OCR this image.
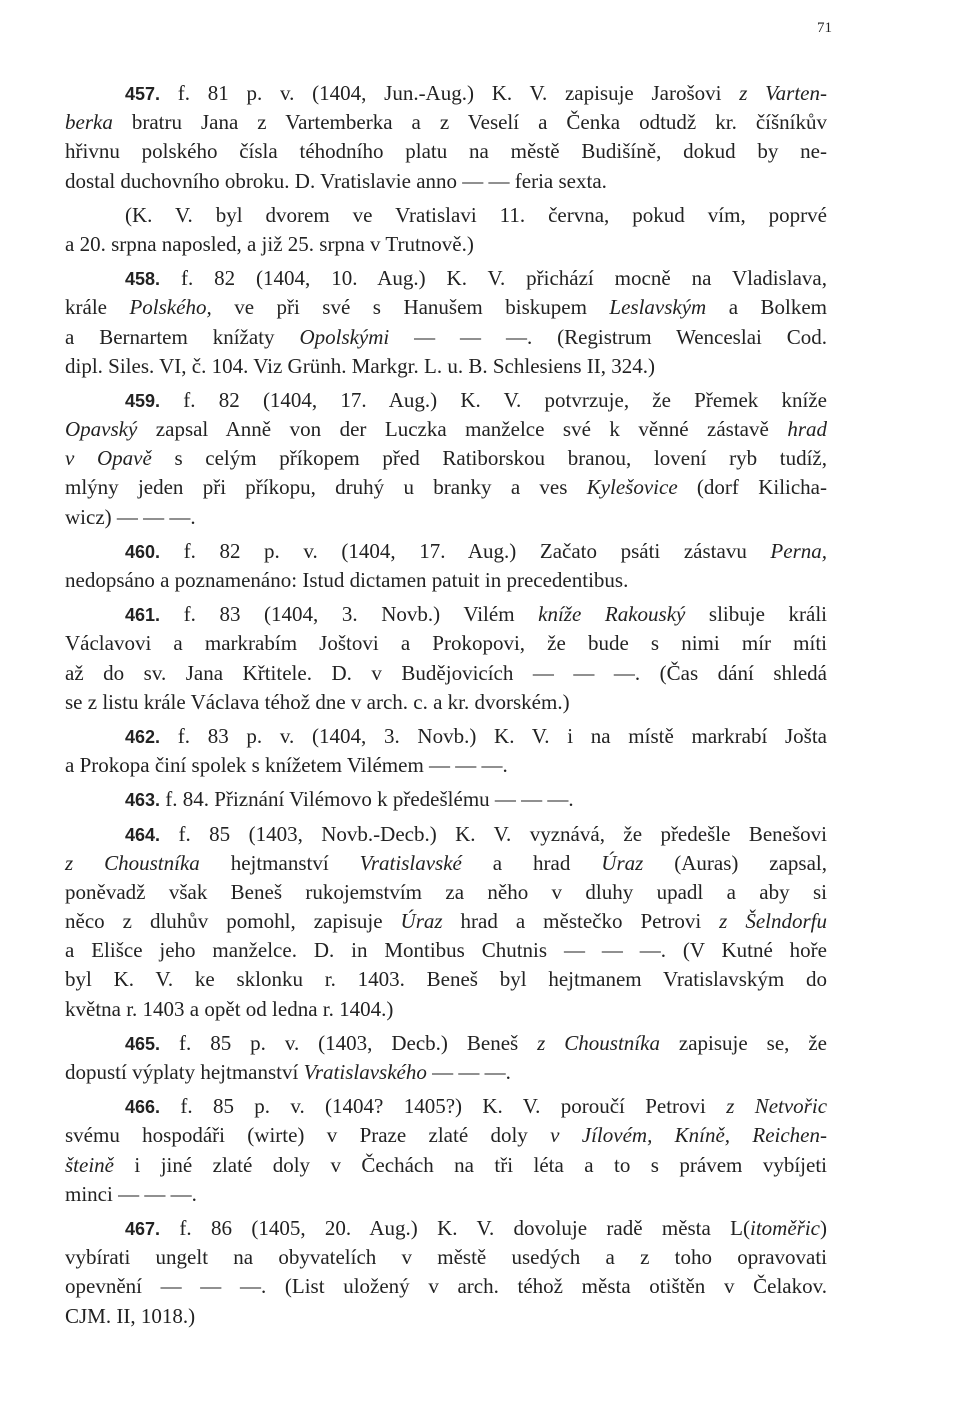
71
457. f. 81 p. v. (1404, Jun.-Aug.) K. V. zapisuje Jarošovi z Varten-
berka bratru Jana z Vartemberka a z Veselí a Čenka odtudž kr. číšníkův
hřivnu polského čísla téhodního platu na městě Budišíně, dokud by ne-
dostal duchovního obroku. D. Vratislavie anno — — feria sexta.
(K. V. byl dvorem ve Vratislavi 11. června, pokud vím, poprvé
a 20. srpna naposled, a již 25. srpna v Trutnově.)
458. f. 82 (1404, 10. Aug.) K. V. přichází mocně na Vladislava,
krále Polského, ve při své s Hanušem biskupem Leslavským a Bolkem
a Bernartem knížaty Opolskými — — —. (Registrum Wenceslai Cod.
dipl. Siles. VI, č. 104. Viz Grünh. Markgr. L. u. B. Schlesiens II, 324.)
459. f. 82 (1404, 17. Aug.) K. V. potvrzuje, že Přemek kníže
Opavský zapsal Anně von der Luczka manželce své k věnné zástavě hrad
v Opavě s celým příkopem před Ratiborskou branou, lovení ryb tudíž,
mlýny jeden při příkopu, druhý u branky a ves Kylešovice (dorf Kilicha-
wicz) — — —.
460. f. 82 p. v. (1404, 17. Aug.) Začato psáti zástavu Perna,
nedopsáno a poznamenáno: Istud dictamen patuit in precedentibus.
461. f. 83 (1404, 3. Novb.) Vilém kníže Rakouský slibuje králi
Václavovi a markrabím Joštovi a Prokopovi, že bude s nimi mír míti
až do sv. Jana Křtitele. D. v Budějovicích — — —. (Čas dání shledá
se z listu krále Václava téhož dne v arch. c. a kr. dvorském.)
462. f. 83 p. v. (1404, 3. Novb.) K. V. i na místě markrabí Jošta
a Prokopa činí spolek s knížetem Vilémem — — —.
463. f. 84. Přiznání Vilémovo k předešlému — — —.
464. f. 85 (1403, Novb.-Decb.) K. V. vyznává, že předešle Benešovi
z Choustníka hejtmanství Vratislavské a hrad Úraz (Auras) zapsal,
poněvadž však Beneš rukojemstvím za něho v dluhy upadl a aby si
něco z dluhův pomohl, zapisuje Úraz hrad a městečko Petrovi z Šelndorfu
a Elišce jeho manželce. D. in Montibus Chutnis — — —. (V Kutné hoře
byl K. V. ke sklonku r. 1403. Beneš byl hejtmanem Vratislavským do
května r. 1403 a opět od ledna r. 1404.)
465. f. 85 p. v. (1403, Decb.) Beneš z Choustníka zapisuje se, že
dopustí výplaty hejtmanství Vratislavského — — —.
466. f. 85 p. v. (1404? 1405?) K. V. poroučí Petrovi z Netvořic
svému hospodáři (wirte) v Praze zlaté doly v Jílovém, Kníně, Reichen-
šteině i jiné zlaté doly v Čechách na tři léta a to s právem vybíjeti
minci — — —.
467. f. 86 (1405, 20. Aug.) K. V. dovoluje radě města L(itoměřic)
vybírati ungelt na obyvatelích v městě usedých a z toho opravovati
opevnění — — —. (List uložený v arch. téhož města otištěn v Čelakov.
CJM. II, 1018.)
